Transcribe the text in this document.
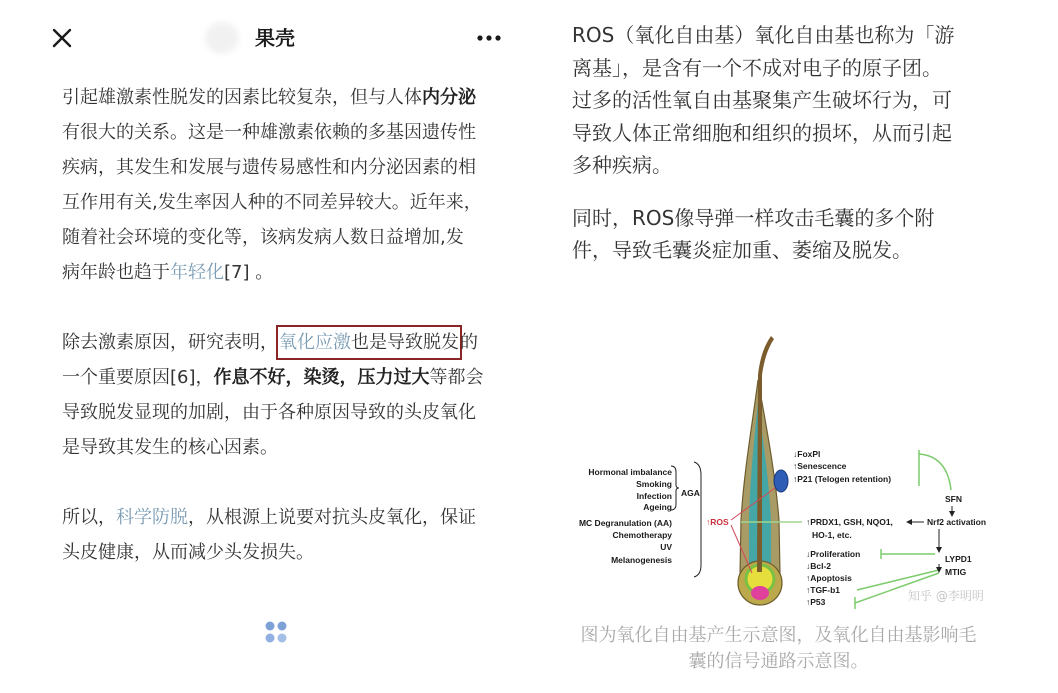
果壳
引起雄激素性脱发的因素比较复杂，但与人体内分泌
有很大的关系。这是一种雄激素依赖的多基因遗传性
疾病，其发生和发展与遗传易感性和内分泌因素的相
互作用有关,发生率因人种的不同差异较大。近年来，
随着社会环境的变化等，该病发病人数日益增加,发
病年龄也趋于年轻化[7] 。
除去激素原因，研究表明，氧化应激也是导致脱发的
一个重要原因[6]，作息不好，染烫，压力过大等都会
导致脱发显现的加剧，由于各种原因导致的头皮氧化
是导致其发生的核心因素。
所以，科学防脱，从根源上说要对抗头皮氧化，保证
头皮健康，从而减少头发损失。
ROS（氧化自由基）氧化自由基也称为「游
离基」，是含有一个不成对电子的原子团。
过多的活性氧自由基聚集产生破坏行为，可
导致人体正常细胞和组织的损坏，从而引起
多种疾病。
同时，ROS像导弹一样攻击毛囊的多个附
件，导致毛囊炎症加重、萎缩及脱发。
Hormonal imbalance
Smoking
Infection
Ageing
AGA
MC Degranulation (AA)
Chemotherapy
UV
Melanogenesis
↑ROS
↓FoxPl
↑Senescence
↑P21 (Telogen retention)
↑PRDX1, GSH, NQO1,
HO-1, etc.
↓Proliferation
↓Bcl-2
↑Apoptosis
↑TGF-b1
↑P53
SFN
Nrf2 activation
LYPD1
MTIG
知乎 @李明明
图为氧化自由基产生示意图，及氧化自由基影响毛
囊的信号通路示意图。
